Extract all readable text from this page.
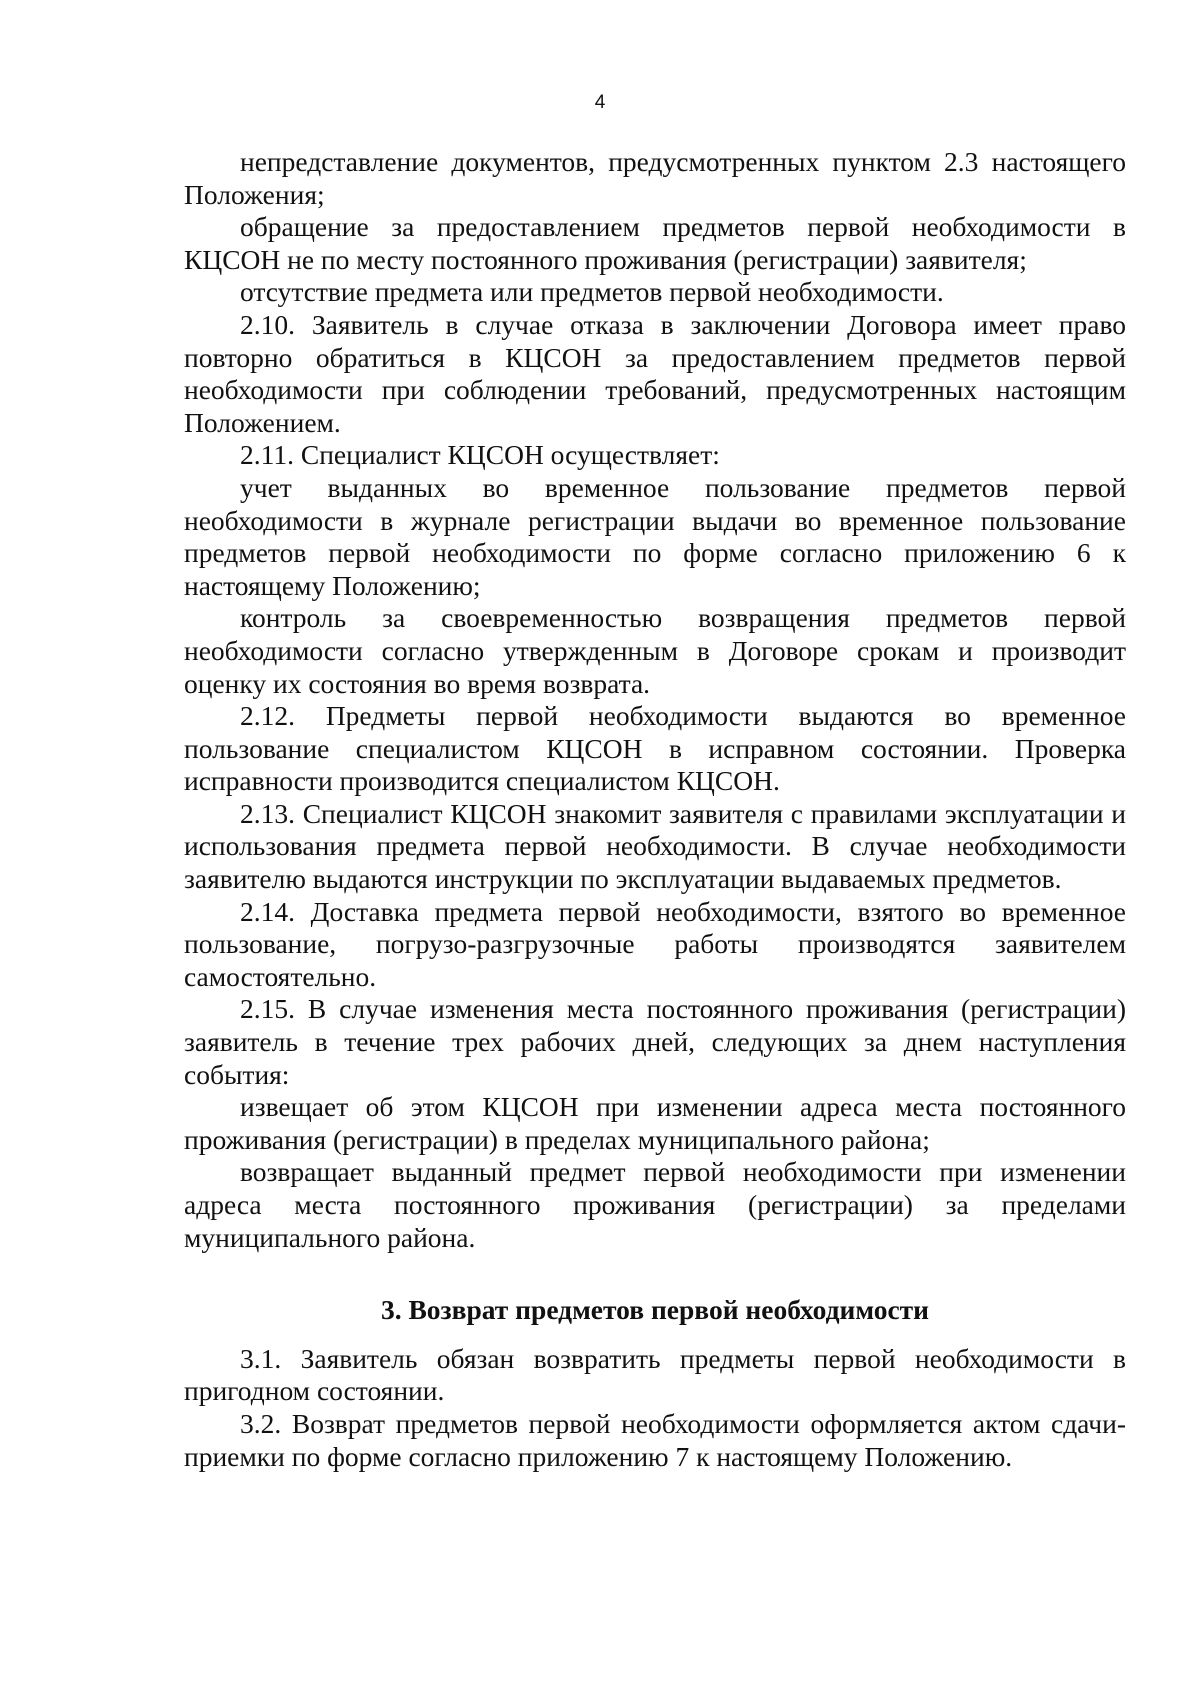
4

непредставление документов, предусмотренных пунктом 2.3 настоящего Положения;

обращение за предоставлением предметов первой необходимости в КЦСОН не по месту постоянного проживания (регистрации) заявителя;

отсутствие предмета или предметов первой необходимости.

2.10. Заявитель в случае отказа в заключении Договора имеет право повторно обратиться в КЦСОН за предоставлением предметов первой необходимости при соблюдении требований, предусмотренных настоящим Положением.

2.11. Специалист КЦСОН осуществляет:

учет выданных во временное пользование предметов первой необходимости в журнале регистрации выдачи во временное пользование предметов первой необходимости по форме согласно приложению 6 к настоящему Положению;

контроль за своевременностью возвращения предметов первой необходимости согласно утвержденным в Договоре срокам и производит оценку их состояния во время возврата.

2.12. Предметы первой необходимости выдаются во временное пользование специалистом КЦСОН в исправном состоянии. Проверка исправности производится специалистом КЦСОН.

2.13. Специалист КЦСОН знакомит заявителя с правилами эксплуатации и использования предмета первой необходимости. В случае необходимости заявителю выдаются инструкции по эксплуатации выдаваемых предметов.

2.14. Доставка предмета первой необходимости, взятого во временное пользование, погрузо-разгрузочные работы производятся заявителем самостоятельно.

2.15. В случае изменения места постоянного проживания (регистрации) заявитель в течение трех рабочих дней, следующих за днем наступления события:

извещает об этом КЦСОН при изменении адреса места постоянного проживания (регистрации) в пределах муниципального района;

возвращает выданный предмет первой необходимости при изменении адреса места постоянного проживания (регистрации) за пределами муниципального района.

3. Возврат предметов первой необходимости

3.1. Заявитель обязан возвратить предметы первой необходимости в пригодном состоянии.

3.2. Возврат предметов первой необходимости оформляется актом сдачи-приемки по форме согласно приложению 7 к настоящему Положению.
